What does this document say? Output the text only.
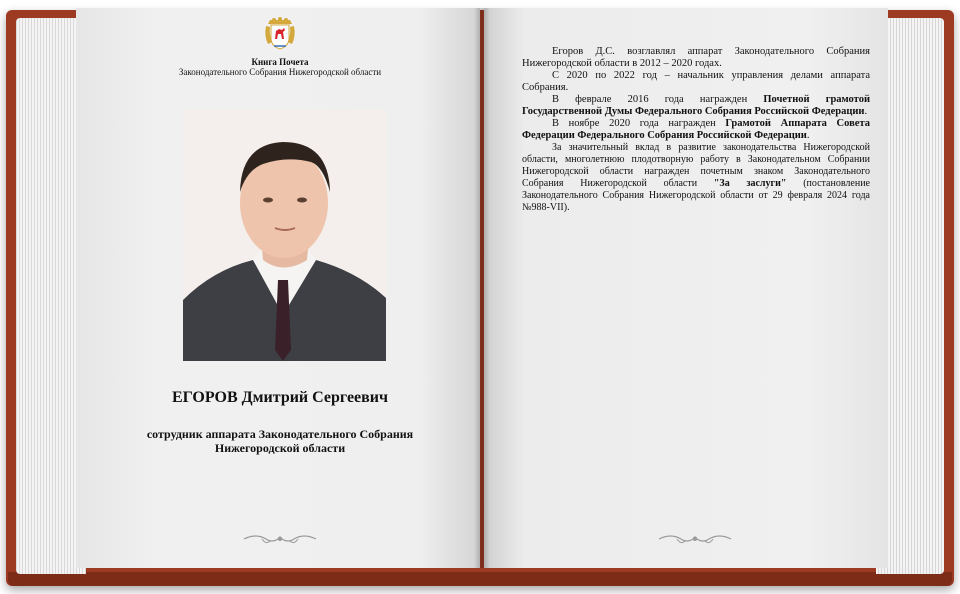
Книга Почета
Законодательного Собрания Нижегородской области
ЕГОРОВ Дмитрий Сергеевич
сотрудник аппарата Законодательного Собрания
Нижегородской области

Егоров Д.С. возглавлял аппарат Законодательного Собрания Нижегородской области в 2012 – 2020 годах.

С 2020 по 2022 год – начальник управления делами аппарата Собрания.

В феврале 2016 года награжден Почетной грамотой Государственной Думы Федерального Собрания Российской Федерации.

В ноябре 2020 года награжден Грамотой Аппарата Совета Федерации Федерального Собрания Российской Федерации.

За значительный вклад в развитие законодательства Нижегородской области, многолетнюю плодотворную работу в Законодательном Собрании Нижегородской области награжден почетным знаком Законодательного Собрания Нижегородской области "За заслуги" (постановление Законодательного Собрания Нижегородской области от 29 февраля 2024 года №988-VII).
